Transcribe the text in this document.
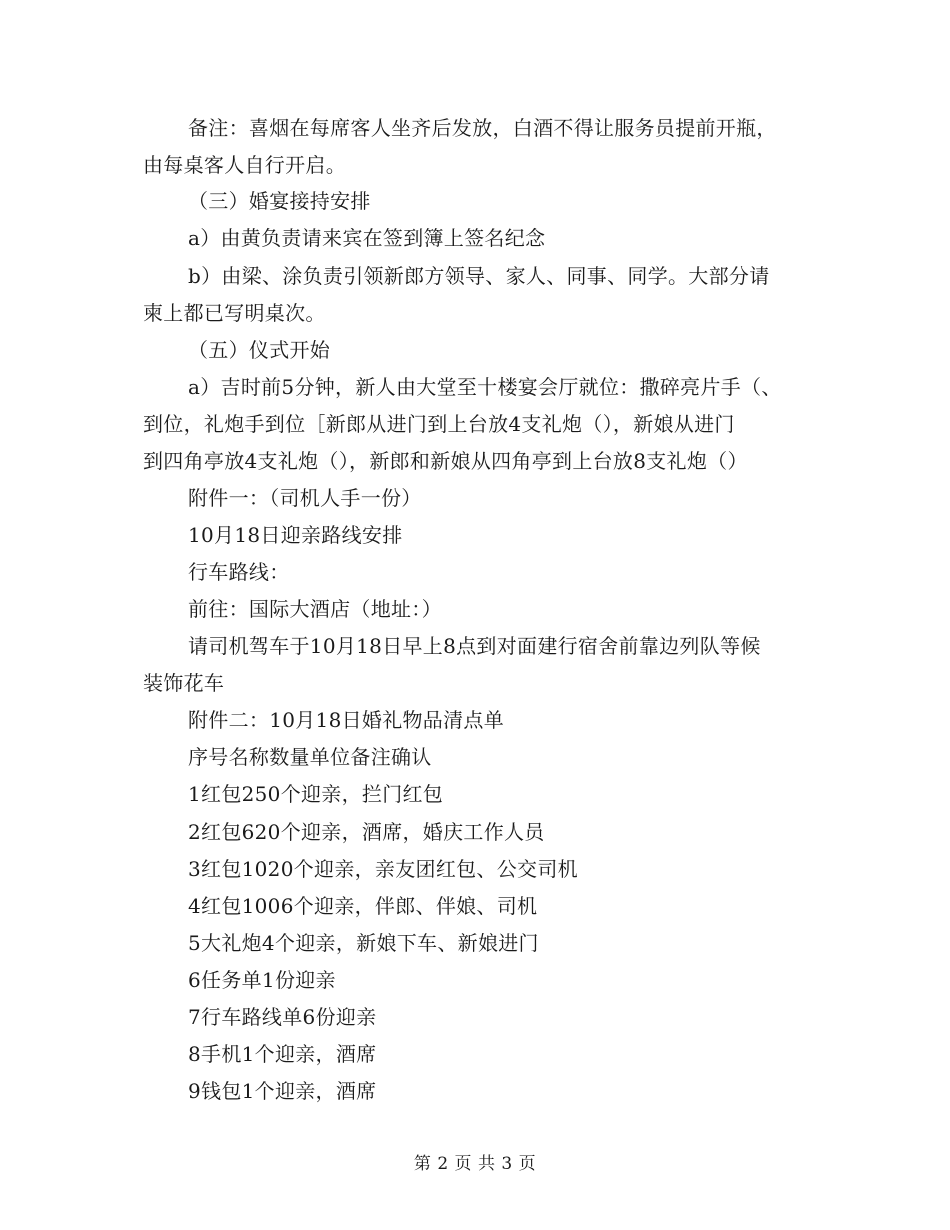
备注：喜烟在每席客人坐齐后发放，白酒不得让服务员提前开瓶，
由每桌客人自行开启。
（三）婚宴接持安排
a）由黄负责请来宾在签到簿上签名纪念
b）由梁、涂负责引领新郎方领导、家人、同事、同学。大部分请
柬上都已写明桌次。
（五）仪式开始
a）吉时前5分钟，新人由大堂至十楼宴会厅就位：撒碎亮片手（、
到位，礼炮手到位［新郎从进门到上台放4支礼炮（），新娘从进门
到四角亭放4支礼炮（），新郎和新娘从四角亭到上台放8支礼炮（）
附件一：（司机人手一份）
10月18日迎亲路线安排
行车路线：
前往：国际大酒店（地址：）
请司机驾车于10月18日早上8点到对面建行宿舍前靠边列队等候
装饰花车
附件二：10月18日婚礼物品清点单
序号名称数量单位备注确认
1红包250个迎亲，拦门红包
2红包620个迎亲，酒席，婚庆工作人员
3红包1020个迎亲，亲友团红包、公交司机
4红包1006个迎亲，伴郎、伴娘、司机
5大礼炮4个迎亲，新娘下车、新娘进门
6任务单1份迎亲
7行车路线单6份迎亲
8手机1个迎亲，酒席
9钱包1个迎亲，酒席
第 2 页 共 3 页
